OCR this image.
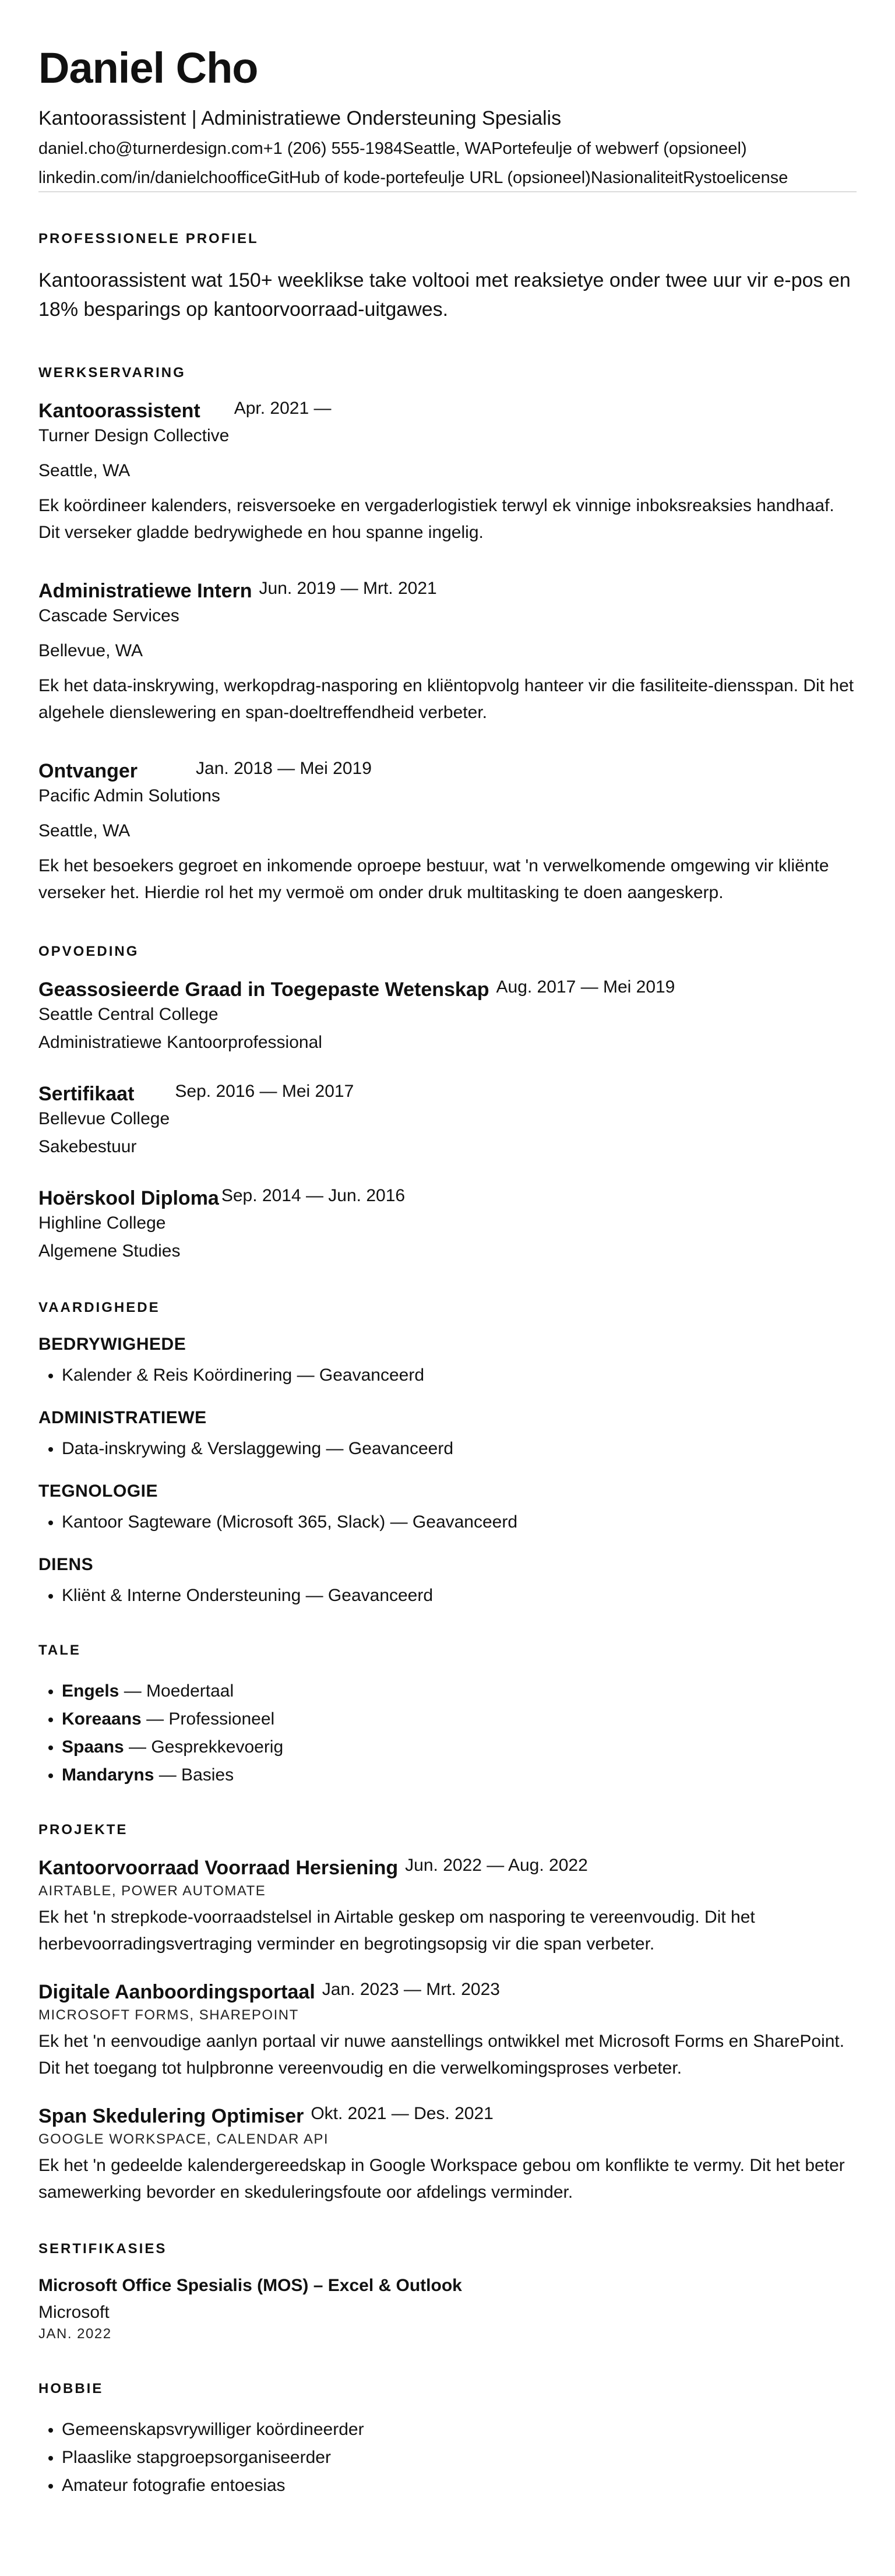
Daniel Cho
Kantoorassistent | Administratiewe Ondersteuning Spesialis
daniel.cho@turnerdesign.com +1 (206) 555-1984 Seattle, WA Portefeulje of webwerf (opsioneel)
linkedin.com/in/danielchoofficeGitHub of kode-portefeulje URL (opsioneel) Nasionaliteit Rystoelicense
PROFESSIONELE PROFIEL
Kantoorassistent wat 150+ weeklikse take voltooi met reaksietye onder twee uur vir e-pos en 18% besparings op kantoorvoorraad-uitgawes.
WERKSERVARING
Kantoorassistent Apr. 2021 —
Turner Design Collective
Seattle, WA
Ek koördineer kalenders, reisversoeke en vergaderlogistiek terwyl ek vinnige inboksreaksies handhaaf. Dit verseker gladde bedrywighede en hou spanne ingelig.
Administratiewe Intern Jun. 2019 — Mrt. 2021
Cascade Services
Bellevue, WA
Ek het data-inskrywing, werkopdrag-nasporing en kliëntopvolg hanteer vir die fasiliteite-diensspan. Dit het algehele dienslewering en span-doeltreffendheid verbeter.
Ontvanger	Jan. 2018 — Mei 2019
Pacific Admin Solutions
Seattle, WA
Ek het besoekers gegroet en inkomende oproepe bestuur, wat 'n verwelkomende omgewing vir kliënte verseker het. Hierdie rol het my vermoë om onder druk multitasking te doen aangeskerp.
OPVOEDING
Geassosieerde Graad in Toegepaste Wetenskap Aug. 2017 — Mei 2019
Seattle Central College
Administratiewe Kantoorprofessional
Sertifikaat Sep. 2016 — Mei 2017
Bellevue College
Sakebestuur
Hoërskool Diploma Sep. 2014 — Jun. 2016
Highline College
Algemene Studies
VAARDIGHEDE
BEDRYWIGHEDE
• Kalender & Reis Koördinering — Geavanceerd
ADMINISTRATIEWE
• Data-inskrywing & Verslaggewing — Geavanceerd
TEGNOLOGIE
• Kantoor Sagteware (Microsoft 365, Slack) — Geavanceerd
DIENS
• Kliënt & Interne Ondersteuning — Geavanceerd
TALE
• Engels — Moedertaal
• Koreaans — Professioneel
• Spaans — Gesprekkevoerig
• Mandaryns — Basies
PROJEKTE
Kantoorvoorraad Voorraad Hersiening Jun. 2022 — Aug. 2022
AIRTABLE, POWER AUTOMATE
Ek het 'n strepkode-voorraadstelsel in Airtable geskep om nasporing te vereenvoudig. Dit het herbevoorradingsvertraging verminder en begrotingsopsig vir die span verbeter.
Digitale Aanboordingsportaal Jan. 2023 — Mrt. 2023
MICROSOFT FORMS, SHAREPOINT
Ek het 'n eenvoudige aanlyn portaal vir nuwe aanstellings ontwikkel met Microsoft Forms en SharePoint. Dit het toegang tot hulpbronne vereenvoudig en die verwelkomingsproses verbeter.
Span Skedulering Optimiser Okt. 2021 — Des. 2021
GOOGLE WORKSPACE, CALENDAR API
Ek het 'n gedeelde kalendergereedskap in Google Workspace gebou om konflikte te vermy. Dit het beter samewerking bevorder en skeduleringsfoute oor afdelings verminder.
SERTIFIKASIES
Microsoft Office Spesialis (MOS) – Excel & Outlook
Microsoft
JAN. 2022
HOBBIE
• Gemeenskapsvrywilliger koördineerder
• Plaaslike stapgroepsorganiseerder
• Amateur fotografie entoesias
